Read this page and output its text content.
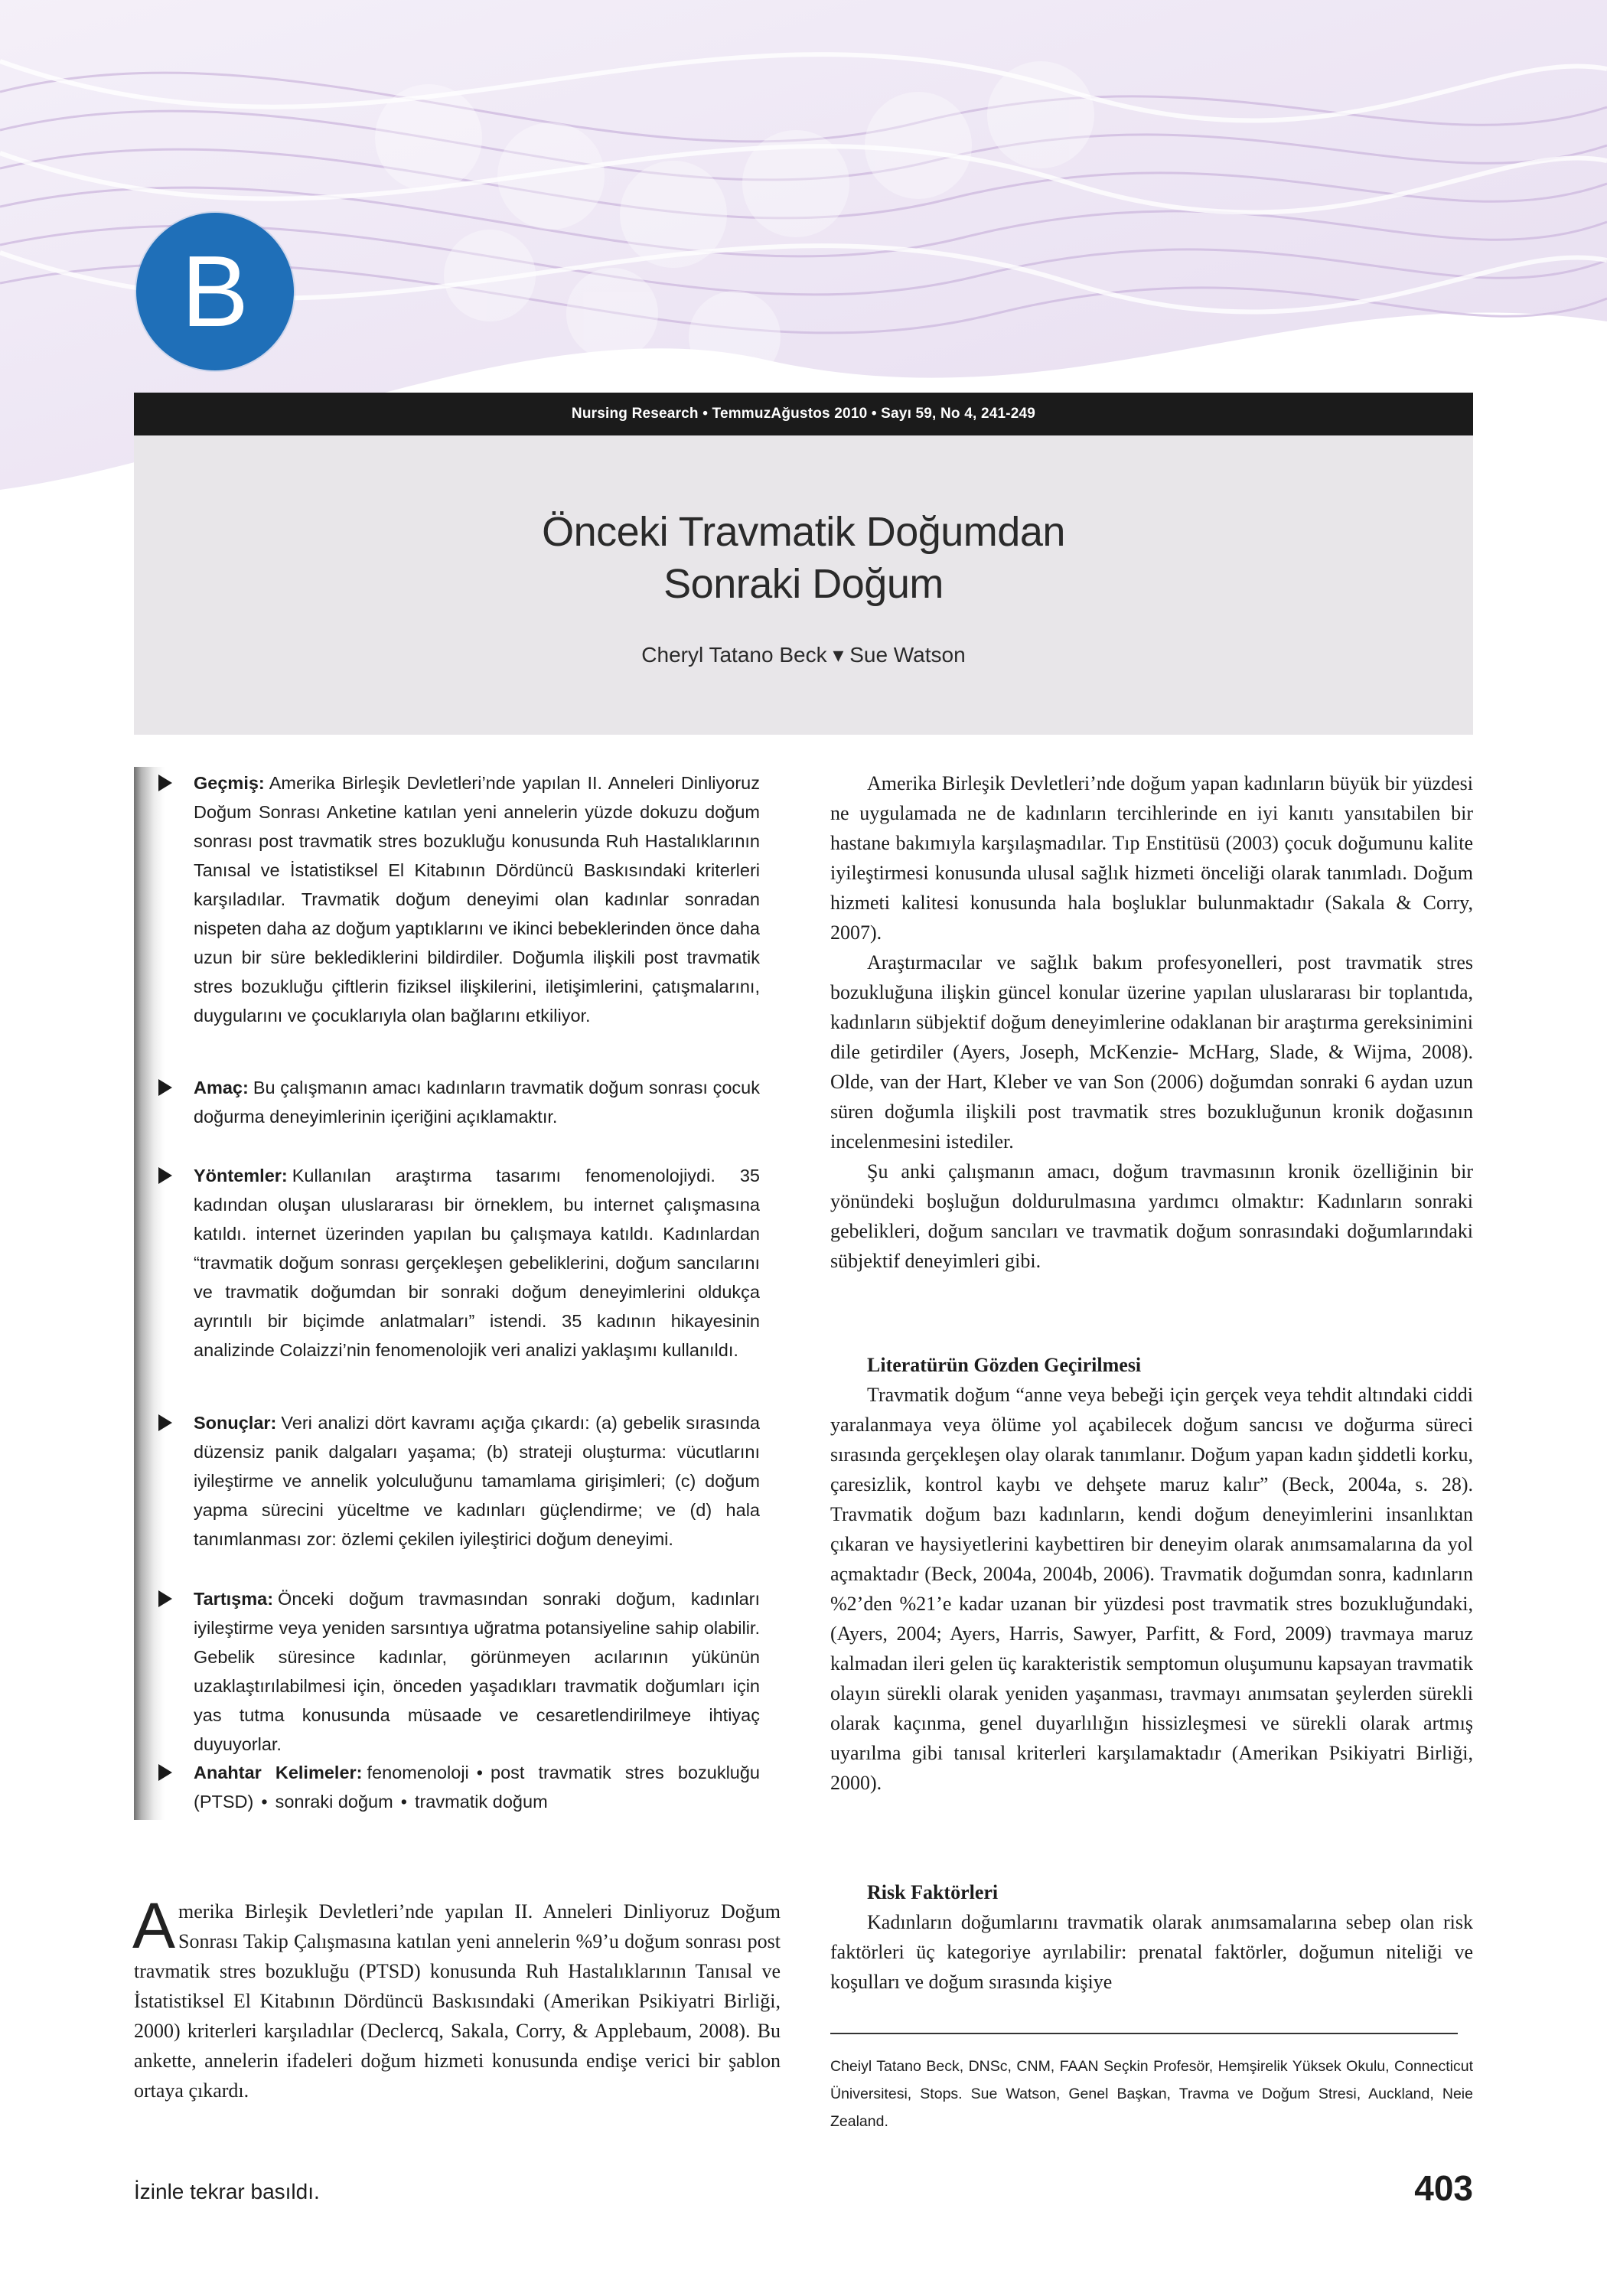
B
Nursing Research • TemmuzAğustos 2010 • Sayı 59, No 4, 241-249
Önceki Travmatik Doğumdan
Sonraki Doğum
Cheryl Tatano Beck ▾ Sue Watson
Geçmiş: Amerika Birleşik Devletleri’nde yapılan II. Anneleri Dinliyoruz Doğum Sonrası Anketine katılan yeni annelerin yüzde dokuzu doğum sonrası post travmatik stres bozukluğu konusunda Ruh Hastalıklarının Tanısal ve İstatistiksel El Kitabının Dördüncü Baskısındaki kriterleri karşıladılar. Travmatik doğum deneyimi olan kadınlar sonradan nispeten daha az doğum yaptıklarını ve ikinci bebeklerinden önce daha uzun bir süre beklediklerini bildirdiler. Doğumla ilişkili post travmatik stres bozukluğu çiftlerin fiziksel ilişkilerini, iletişimlerini, çatışmalarını, duygularını ve çocuklarıyla olan bağlarını etkiliyor.
Amaç: Bu çalışmanın amacı kadınların travmatik doğum sonrası çocuk doğurma deneyimlerinin içeriğini açıklamaktır.
Yöntemler: Kullanılan araştırma tasarımı fenomenolojiydi. 35 kadından oluşan uluslararası bir örneklem, bu internet çalışmasına katıldı. internet üzerinden yapılan bu çalışmaya katıldı. Kadınlardan “travmatik doğum sonrası gerçekleşen gebeliklerini, doğum sancılarını ve travmatik doğumdan bir sonraki doğum deneyimlerini oldukça ayrıntılı bir biçimde anlatmaları” istendi. 35 kadının hikayesinin analizinde Colaizzi’nin fenomenolojik veri analizi yaklaşımı kullanıldı.
Sonuçlar: Veri analizi dört kavramı açığa çıkardı: (a) gebelik sırasında düzensiz panik dalgaları yaşama; (b) strateji oluşturma: vücutlarını iyileştirme ve annelik yolculuğunu tamamlama girişimleri; (c) doğum yapma sürecini yüceltme ve kadınları güçlendirme; ve (d) hala tanımlanması zor: özlemi çekilen iyileştirici doğum deneyimi.
Tartışma: Önceki doğum travmasından sonraki doğum, kadınları iyileştirme veya yeniden sarsıntıya uğratma potansiyeline sahip olabilir. Gebelik süresince kadınlar, görünmeyen acılarının yükünün uzaklaştırılabilmesi için, önceden yaşadıkları travmatik doğumları için yas tutma konusunda müsaade ve cesaretlendirilmeye ihtiyaç duyuyorlar.
Anahtar Kelimeler: fenomenoloji • post travmatik stres bozukluğu (PTSD) • sonraki doğum • travmatik doğum
Amerika Birleşik Devletleri’nde yapılan II. Anneleri Dinliyoruz Doğum Sonrası Takip Çalışmasına katılan yeni annelerin %9’u doğum sonrası post travmatik stres bozukluğu (PTSD) konusunda Ruh Hastalıklarının Tanısal ve İstatistiksel El Kitabının Dördüncü Baskısındaki (Amerikan Psikiyatri Birliği, 2000) kriterleri karşıladılar (Declercq, Sakala, Corry, & Applebaum, 2008). Bu ankette, annelerin ifadeleri doğum hizmeti konusunda endişe verici bir şablon ortaya çıkardı.

Amerika Birleşik Devletleri’nde doğum yapan kadınların büyük bir yüzdesi ne uygulamada ne de kadınların tercihlerinde en iyi kanıtı yansıtabilen bir hastane bakımıyla karşılaşmadılar. Tıp Enstitüsü (2003) çocuk doğumunu kalite iyileştirmesi konusunda ulusal sağlık hizmeti önceliği olarak tanımladı. Doğum hizmeti kalitesi konusunda hala boşluklar bulunmaktadır (Sakala & Corry, 2007).

Araştırmacılar ve sağlık bakım profesyonelleri, post travmatik stres bozukluğuna ilişkin güncel konular üzerine yapılan uluslararası bir toplantıda, kadınların sübjektif doğum deneyimlerine odaklanan bir araştırma gereksinimini dile getirdiler (Ayers, Joseph, McKenzie- McHarg, Slade, & Wijma, 2008). Olde, van der Hart, Kleber ve van Son (2006) doğumdan sonraki 6 aydan uzun süren doğumla ilişkili post travmatik stres bozukluğunun kronik doğasının incelenmesini istediler.

Şu anki çalışmanın amacı, doğum travmasının kronik özelliğinin bir yönündeki boşluğun doldurulmasına yardımcı olmaktır: Kadınların sonraki gebelikleri, doğum sancıları ve travmatik doğum sonrasındaki doğumlarındaki sübjektif deneyimleri gibi.

Literatürün Gözden Geçirilmesi

Travmatik doğum “anne veya bebeği için gerçek veya tehdit altındaki ciddi yaralanmaya veya ölüme yol açabilecek doğum sancısı ve doğurma süreci sırasında gerçekleşen olay olarak tanımlanır. Doğum yapan kadın şiddetli korku, çaresizlik, kontrol kaybı ve dehşete maruz kalır” (Beck, 2004a, s. 28). Travmatik doğum bazı kadınların, kendi doğum deneyimlerini insanlıktan çıkaran ve haysiyetlerini kaybettiren bir deneyim olarak anımsamalarına da yol açmaktadır (Beck, 2004a, 2004b, 2006). Travmatik doğumdan sonra, kadınların %2’den %21’e kadar uzanan bir yüzdesi post travmatik stres bozukluğundaki, (Ayers, 2004; Ayers, Harris, Sawyer, Parfitt, & Ford, 2009) travmaya maruz kalmadan ileri gelen üç karakteristik semptomun oluşumunu kapsayan travmatik olayın sürekli olarak yeniden yaşanması, travmayı anımsatan şeylerden sürekli olarak kaçınma, genel duyarlılığın hissizleşmesi ve sürekli olarak artmış uyarılma gibi tanısal kriterleri karşılamaktadır (Amerikan Psikiyatri Birliği, 2000).

Risk Faktörleri

Kadınların doğumlarını travmatik olarak anımsamalarına sebep olan risk faktörleri üç kategoriye ayrılabilir: prenatal faktörler, doğumun niteliği ve koşulları ve doğum sırasında kişiye

Cheiyl Tatano Beck, DNSc, CNM, FAAN Seçkin Profesör, Hemşirelik Yüksek Okulu, Connecticut Üniversitesi, Stops. Sue Watson, Genel Başkan, Travma ve Doğum Stresi, Auckland, Neie Zealand.
İzinle tekrar basıldı.	403
